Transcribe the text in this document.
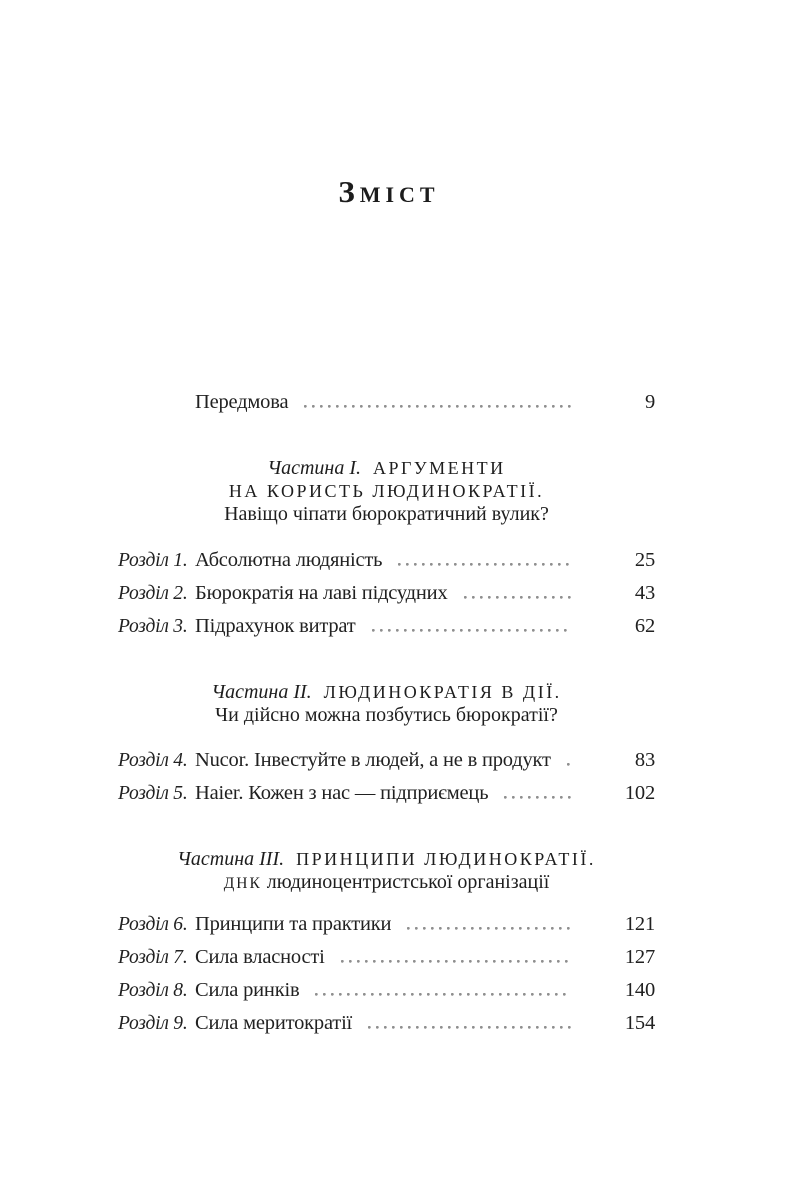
Зміст
Передмова	9
Частина I. АРГУМЕНТИ
НА КОРИСТЬ ЛЮДИНОКРАТІЇ.
Навіщо чіпати бюрократичний вулик?
Розділ 1. Абсолютна людяність	25
Розділ 2. Бюрократія на лаві підсудних	43
Розділ 3. Підрахунок витрат	62
Частина II. ЛЮДИНОКРАТІЯ В ДІЇ.
Чи дійсно можна позбутись бюрократії?
Розділ 4. Nucor. Інвестуйте в людей, а не в продукт	83
Розділ 5. Haier. Кожен з нас — підприємець	102
Частина III. ПРИНЦИПИ ЛЮДИНОКРАТІЇ.
ДНК людиноцентристської організації
Розділ 6. Принципи та практики	121
Розділ 7. Сила власності	127
Розділ 8. Сила ринків	140
Розділ 9. Сила меритократії	154
